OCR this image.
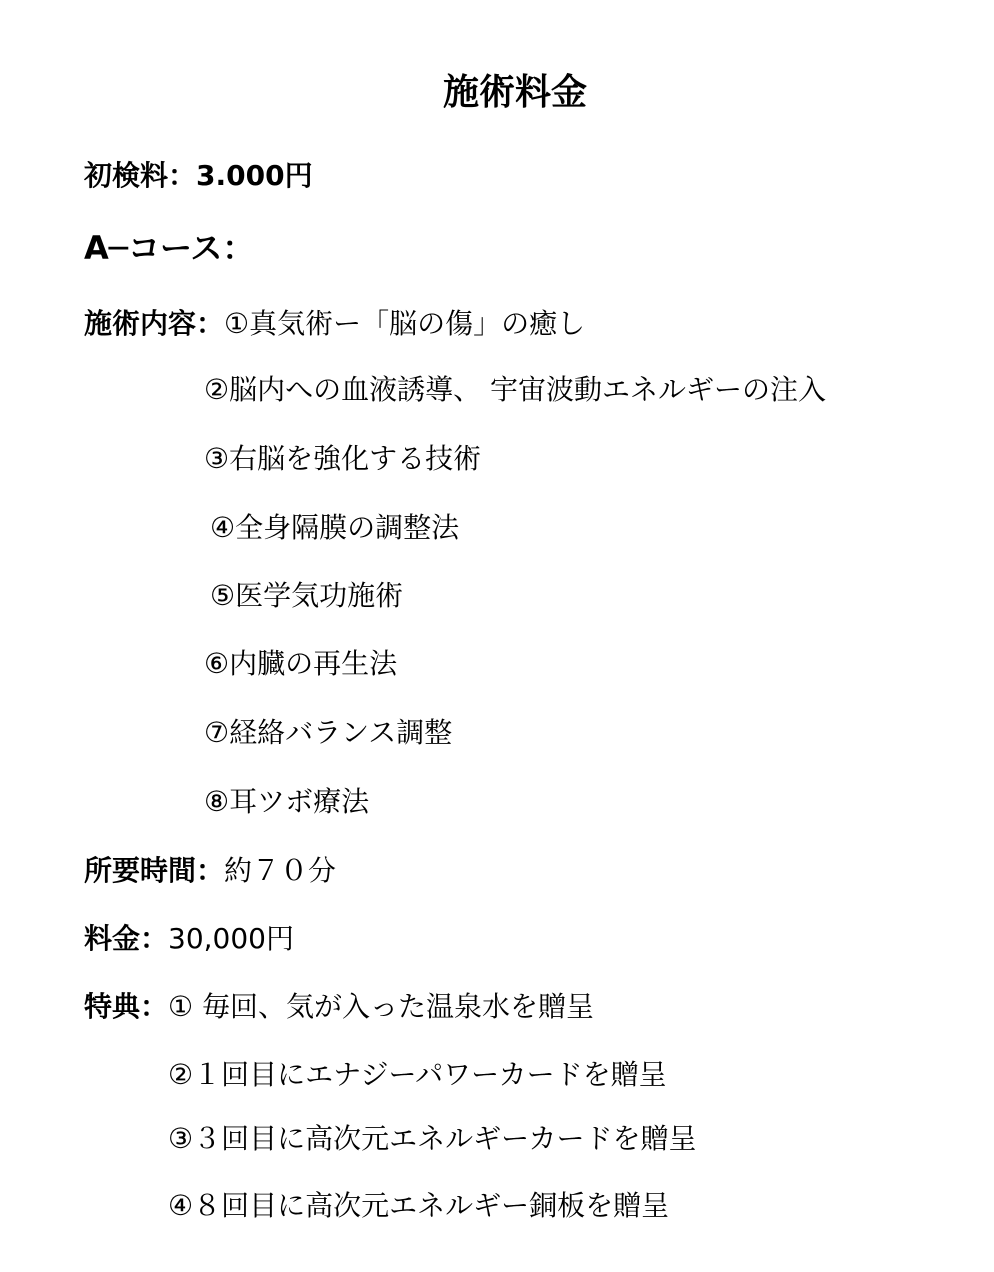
施術料金
初検料：3.000円
A─コース：
施術内容：①真気術ー「脳の傷」の癒し
②脳内への血液誘導、 宇宙波動エネルギーの注入
③右脳を強化する技術
④全身隔膜の調整法
⑤医学気功施術
⑥内臓の再生法
⑦経絡バランス調整
⑧耳ツボ療法
所要時間：約７０分
料金：30,000円
特典：① 毎回、気が入った温泉水を贈呈
②１回目にエナジーパワーカードを贈呈
③３回目に高次元エネルギーカードを贈呈
④８回目に高次元エネルギー銅板を贈呈
